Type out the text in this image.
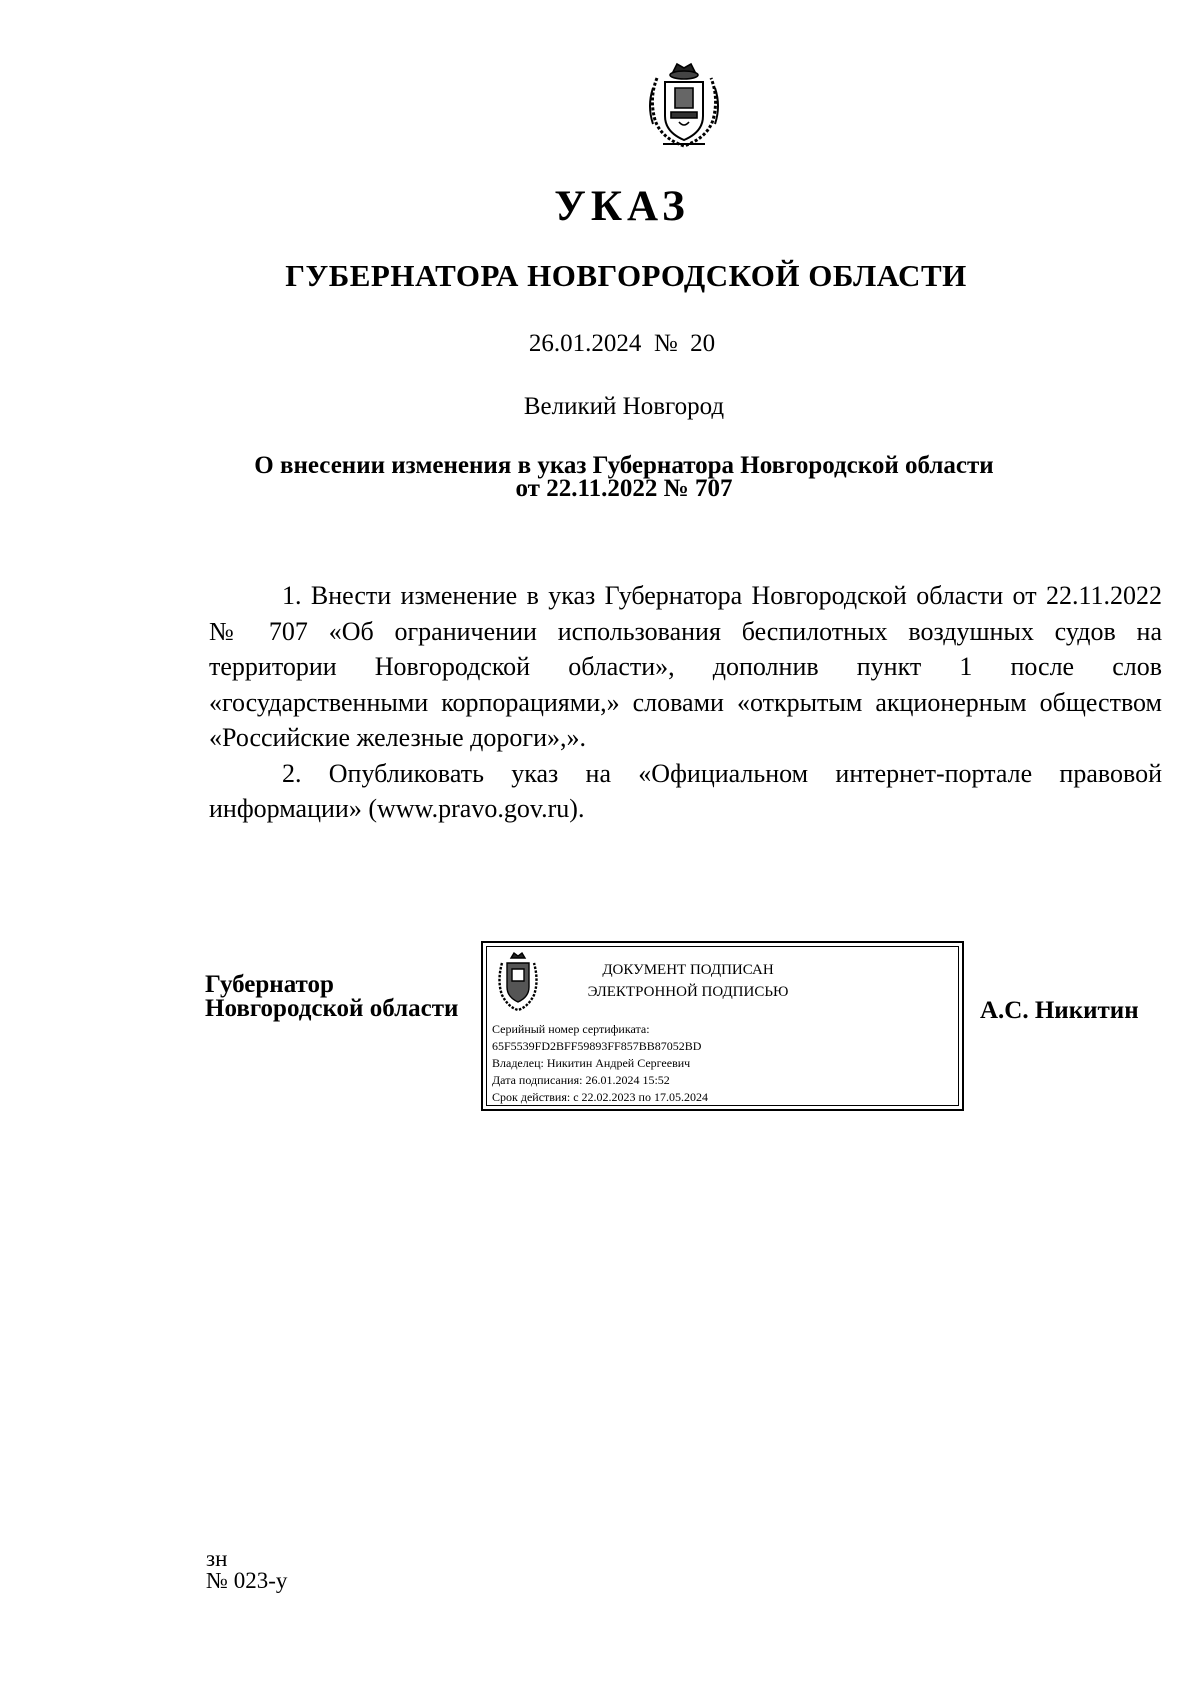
УКАЗ
ГУБЕРНАТОРА НОВГОРОДСКОЙ ОБЛАСТИ
26.01.2024 № 20
Великий Новгород
О внесении изменения в указ Губернатора Новгородской области
от 22.11.2022 № 707

1. Внести изменение в указ Губернатора Новгородской области от 22.11.2022 № 707 «Об ограничении использования беспилотных воздушных судов на территории Новгородской области», дополнив пункт 1 после слов «государственными корпорациями,» словами «открытым акционерным обществом «Российские железные дороги»,».

2. Опубликовать указ на «Официальном интернет-портале правовой информации» (www.pravo.gov.ru).

Губернатор
Новгородской области
ДОКУМЕНТ ПОДПИСАН
ЭЛЕКТРОННОЙ ПОДПИСЬЮ
Серийный номер сертификата:
65F5539FD2BFF59893FF857BB87052BD
Владелец: Никитин Андрей Сергеевич
Дата подписания: 26.01.2024 15:52
Срок действия: с 22.02.2023 по 17.05.2024
А.С. Никитин
зн
№ 023-у
